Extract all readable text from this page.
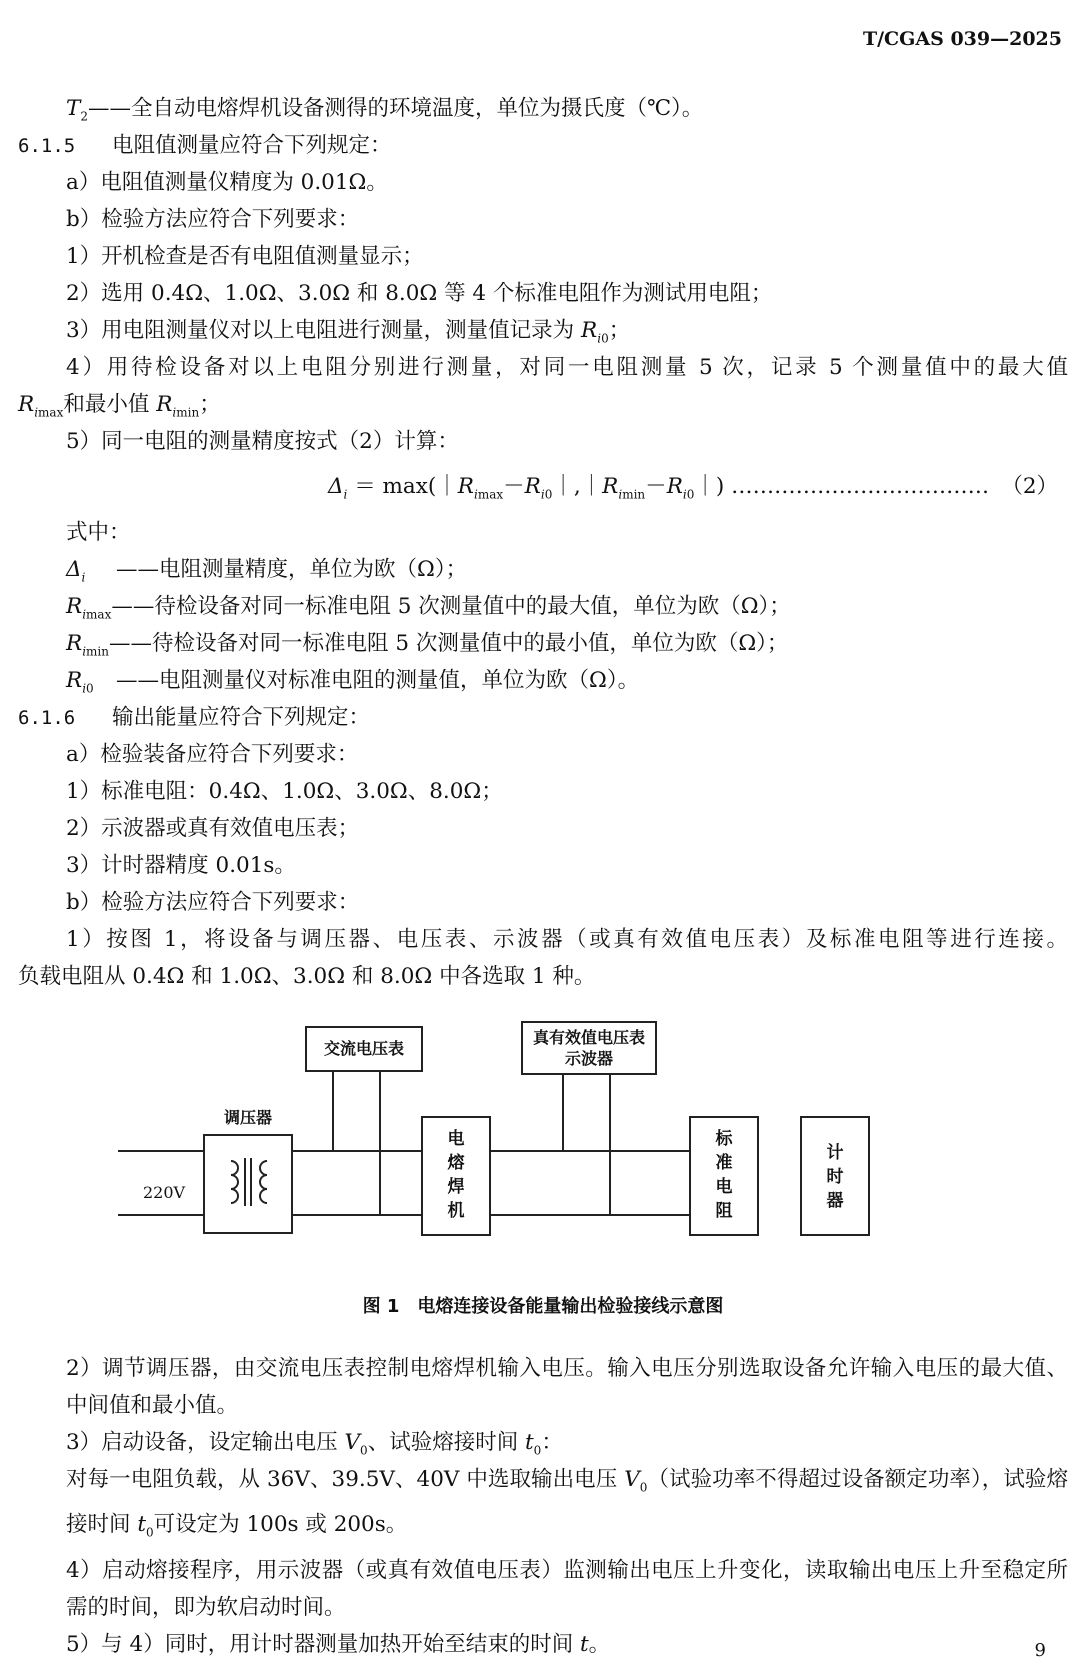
T/CGAS 039—2025
$T_2——$全自动电熔焊机设备测得的环境温度，单位为摄氏度（℃）。
6.1.5 电阻值测量应符合下列规定：
a）电阻值测量仪精度为 0.01Ω。
b）检验方法应符合下列要求：
1）开机检查是否有电阻值测量显示；
2）选用 0.4Ω、1.0Ω、3.0Ω 和 8.0Ω 等 4 个标准电阻作为测试用电阻；
3）用电阻测量仪对以上电阻进行测量，测量值记录为 $R_{i0}$；
4）用待检设备对以上电阻分别进行测量，对同一电阻测量 5 次，记录 5 个测量值中的最大值
$R_{imax}$和最小值 $R_{imin}$；
5）同一电阻的测量精度按式（2）计算：
$\Delta_i$ ＝ $\max(|R_{imax}-R_{i0}|,|R_{imin}-R_{i0}|)$ ……………………………… （2）
式中：
$\Delta_i$ ——电阻测量精度，单位为欧（Ω）；
$R_{imax}——$待检设备对同一标准电阻 5 次测量值中的最大值，单位为欧（Ω）；
$R_{imin}——$待检设备对同一标准电阻 5 次测量值中的最小值，单位为欧（Ω）；
$R_{i0}$ ——电阻测量仪对标准电阻的测量值，单位为欧（Ω）。
6.1.6 输出能量应符合下列规定：
a）检验装备应符合下列要求：
1）标准电阻：0.4Ω、1.0Ω、3.0Ω、8.0Ω；
2）示波器或真有效值电压表；
3）计时器精度 0.01s。
b）检验方法应符合下列要求：
1）按图 1，将设备与调压器、电压表、示波器（或真有效值电压表）及标准电阻等进行连接。
负载电阻从 0.4Ω 和 1.0Ω、3.0Ω 和 8.0Ω 中各选取 1 种。
交流电压表
真有效值电压表
示波器
调压器
220V
电熔焊机
标准电阻
计时器
图 1　电熔连接设备能量输出检验接线示意图
2）调节调压器，由交流电压表控制电熔焊机输入电压。输入电压分别选取设备允许输入电压的最大值、中间值和最小值。
3）启动设备，设定输出电压 $V_0$、试验熔接时间 $t_0$：
对每一电阻负载，从 36V、39.5V、40V 中选取输出电压 $V_0$（试验功率不得超过设备额定功率），试验熔接时间 $t_0$可设定为 100s 或 200s。
4）启动熔接程序，用示波器（或真有效值电压表）监测输出电压上升变化，读取输出电压上升至稳定所需的时间，即为软启动时间。
5）与 4）同时，用计时器测量加热开始至结束的时间 t。	9
